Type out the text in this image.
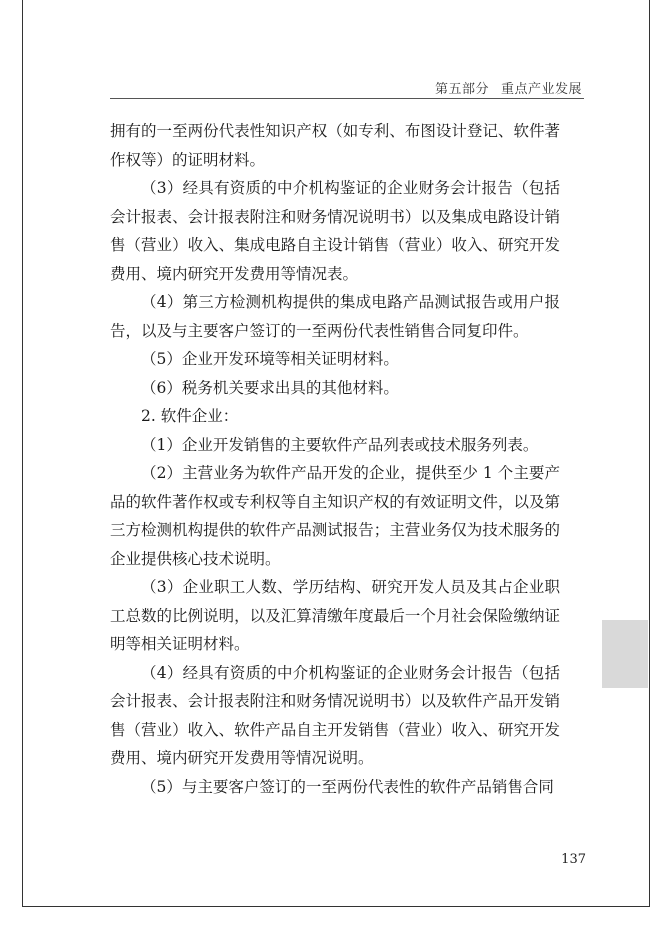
第五部分 重点产业发展

拥有的一至两份代表性知识产权（如专利、布图设计登记、软件著作权等）的证明材料。

（3）经具有资质的中介机构鉴证的企业财务会计报告（包括会计报表、会计报表附注和财务情况说明书）以及集成电路设计销售（营业）收入、集成电路自主设计销售（营业）收入、研究开发费用、境内研究开发费用等情况表。

（4）第三方检测机构提供的集成电路产品测试报告或用户报告，以及与主要客户签订的一至两份代表性销售合同复印件。

（5）企业开发环境等相关证明材料。

（6）税务机关要求出具的其他材料。

2. 软件企业：

（1）企业开发销售的主要软件产品列表或技术服务列表。

（2）主营业务为软件产品开发的企业，提供至少 1 个主要产品的软件著作权或专利权等自主知识产权的有效证明文件，以及第三方检测机构提供的软件产品测试报告；主营业务仅为技术服务的企业提供核心技术说明。

（3）企业职工人数、学历结构、研究开发人员及其占企业职工总数的比例说明，以及汇算清缴年度最后一个月社会保险缴纳证明等相关证明材料。

（4）经具有资质的中介机构鉴证的企业财务会计报告（包括会计报表、会计报表附注和财务情况说明书）以及软件产品开发销售（营业）收入、软件产品自主开发销售（营业）收入、研究开发费用、境内研究开发费用等情况说明。

（5）与主要客户签订的一至两份代表性的软件产品销售合同

137
